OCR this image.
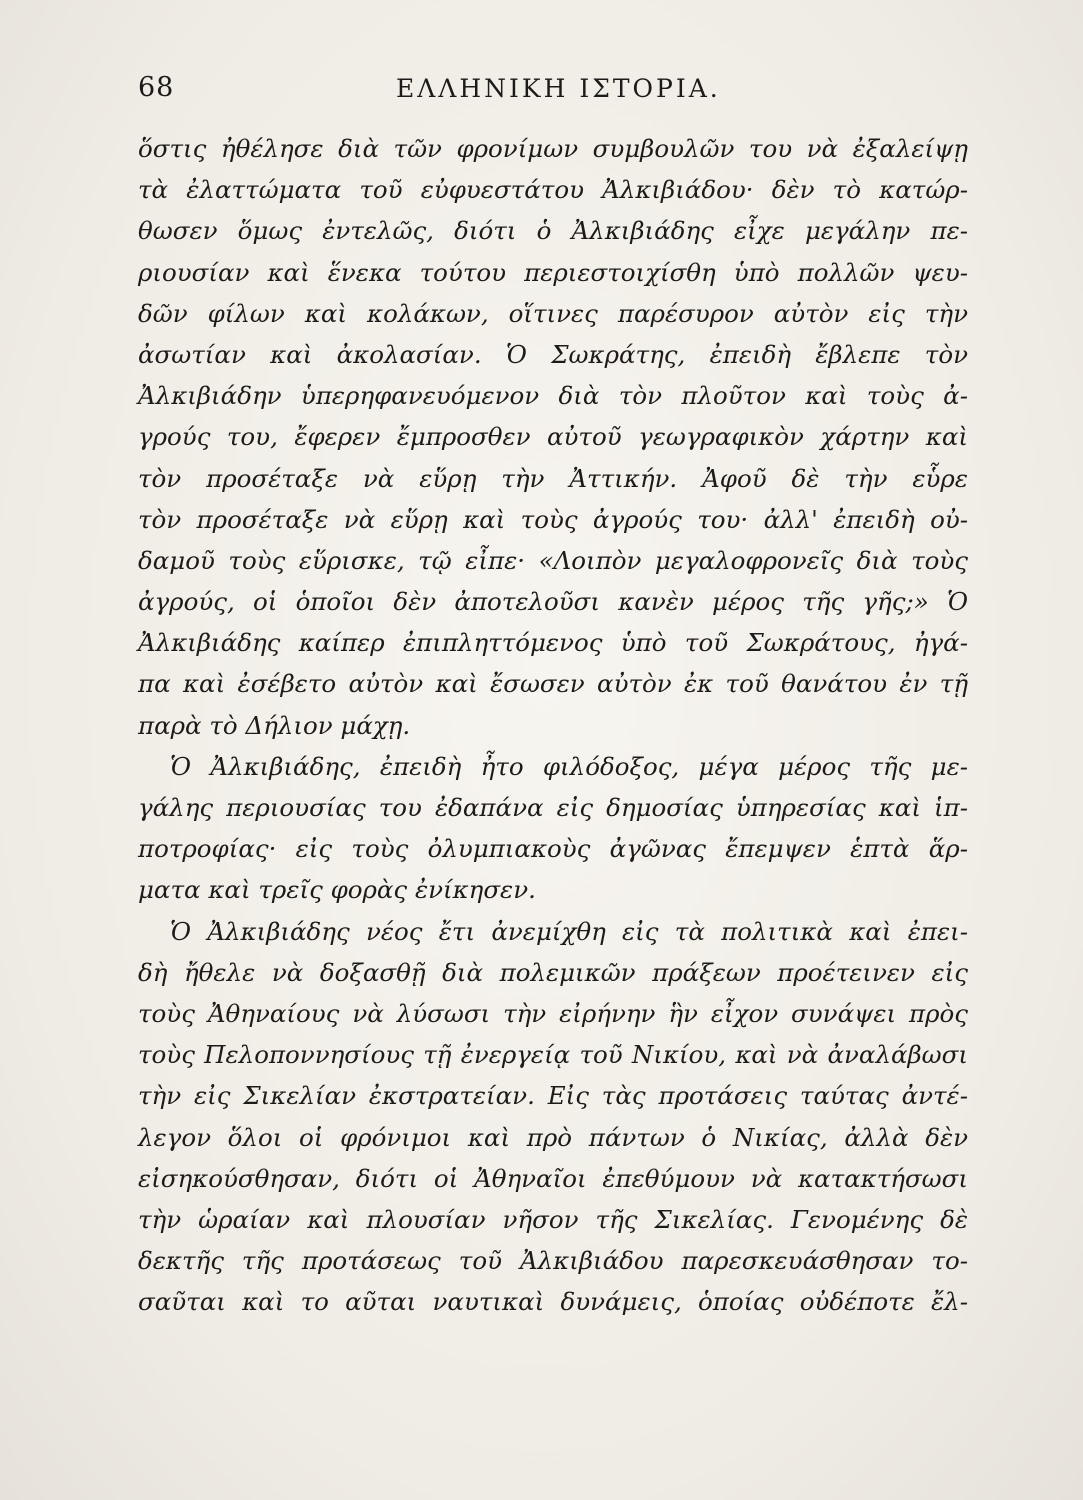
68	ΕΛΛΗΝΙΚΗ ΙΣΤΟΡΙΑ.
ὅστις ἠθέλησε διὰ τῶν φρονίμων συμβουλῶν του νὰ ἐξαλείψῃ
τὰ ἐλαττώματα τοῦ εὐφυεστάτου Ἀλκιβιάδου· δὲν τὸ κατώρ-
θωσεν ὅμως ἐντελῶς, διότι ὁ Ἀλκιβιάδης εἶχε μεγάλην πε-
ριουσίαν καὶ ἕνεκα τούτου περιεστοιχίσθη ὑπὸ πολλῶν ψευ-
δῶν φίλων καὶ κολάκων, οἵτινες παρέσυρον αὐτὸν εἰς τὴν
ἀσωτίαν καὶ ἀκολασίαν. Ὁ Σωκράτης, ἐπειδὴ ἔβλεπε τὸν
Ἀλκιβιάδην ὑπερηφανευόμενον διὰ τὸν πλοῦτον καὶ τοὺς ἀ-
γρούς του, ἔφερεν ἔμπροσθεν αὐτοῦ γεωγραφικὸν χάρτην καὶ
τὸν προσέταξε νὰ εὕρῃ τὴν Ἀττικήν. Ἀφοῦ δὲ τὴν εὗρε
τὸν προσέταξε νὰ εὕρῃ καὶ τοὺς ἀγρούς του· ἀλλ' ἐπειδὴ οὐ-
δαμοῦ τοὺς εὕρισκε, τῷ εἶπε· «Λοιπὸν μεγαλοφρονεῖς διὰ τοὺς
ἀγρούς, οἱ ὁποῖοι δὲν ἀποτελοῦσι κανὲν μέρος τῆς γῆς;» Ὁ
Ἀλκιβιάδης καίπερ ἐπιπληττόμενος ὑπὸ τοῦ Σωκράτους, ἠγά-
πα καὶ ἐσέβετο αὐτὸν καὶ ἔσωσεν αὐτὸν ἐκ τοῦ θανάτου ἐν τῇ
παρὰ τὸ Δήλιον μάχῃ.
Ὁ Ἀλκιβιάδης, ἐπειδὴ ἦτο φιλόδοξος, μέγα μέρος τῆς με-
γάλης περιουσίας του ἐδαπάνα εἰς δημοσίας ὑπηρεσίας καὶ ἱπ-
ποτροφίας· εἰς τοὺς ὀλυμπιακοὺς ἀγῶνας ἔπεμψεν ἑπτὰ ἅρ-
ματα καὶ τρεῖς φορὰς ἐνίκησεν.
Ὁ Ἀλκιβιάδης νέος ἔτι ἀνεμίχθη εἰς τὰ πολιτικὰ καὶ ἐπει-
δὴ ἤθελε νὰ δοξασθῇ διὰ πολεμικῶν πράξεων προέτεινεν εἰς
τοὺς Ἀθηναίους νὰ λύσωσι τὴν εἰρήνην ἣν εἶχον συνάψει πρὸς
τοὺς Πελοποννησίους τῇ ἐνεργείᾳ τοῦ Νικίου, καὶ νὰ ἀναλάβωσι
τὴν εἰς Σικελίαν ἐκστρατείαν. Εἰς τὰς προτάσεις ταύτας ἀντέ-
λεγον ὅλοι οἱ φρόνιμοι καὶ πρὸ πάντων ὁ Νικίας, ἀλλὰ δὲν
εἰσηκούσθησαν, διότι οἱ Ἀθηναῖοι ἐπεθύμουν νὰ κατακτήσωσι
τὴν ὡραίαν καὶ πλουσίαν νῆσον τῆς Σικελίας. Γενομένης δὲ
δεκτῆς τῆς προτάσεως τοῦ Ἀλκιβιάδου παρεσκευάσθησαν το-
σαῦται καὶ το αῦται ναυτικαὶ δυνάμεις, ὁποίας οὐδέποτε ἔλ-
